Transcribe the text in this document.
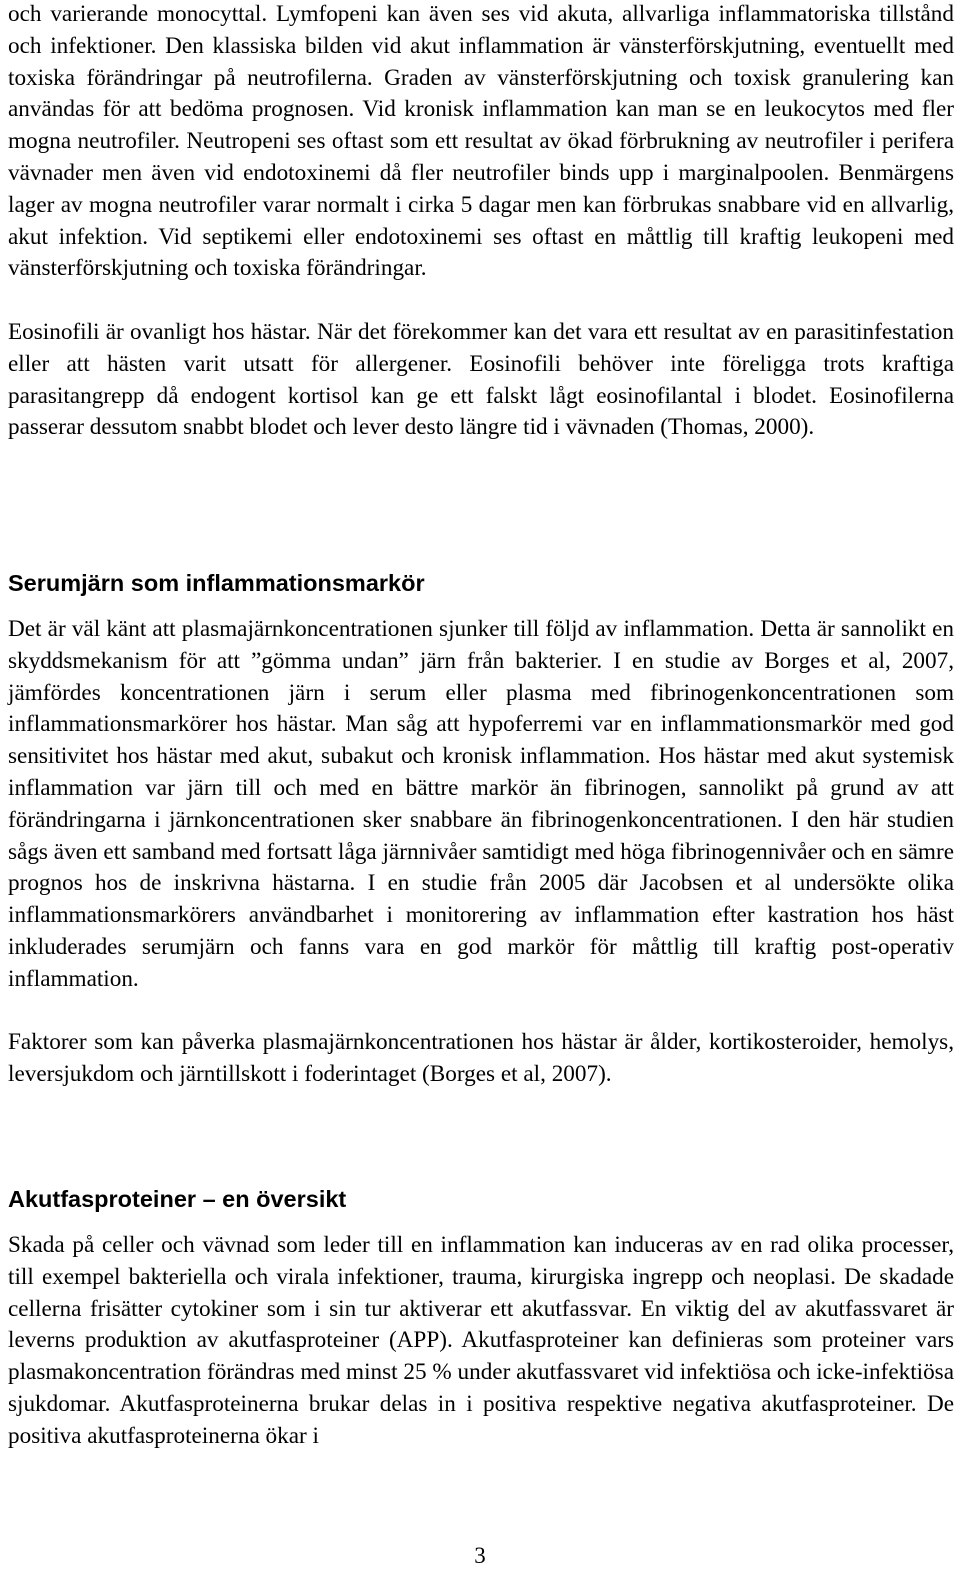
och varierande monocyttal. Lymfopeni kan även ses vid akuta, allvarliga inflammatoriska tillstånd och infektioner. Den klassiska bilden vid akut inflammation är vänsterförskjutning, eventuellt med toxiska förändringar på neutrofilerna. Graden av vänsterförskjutning och toxisk granulering kan användas för att bedöma prognosen. Vid kronisk inflammation kan man se en leukocytos med fler mogna neutrofiler. Neutropeni ses oftast som ett resultat av ökad förbrukning av neutrofiler i perifera vävnader men även vid endotoxinemi då fler neutrofiler binds upp i marginalpoolen. Benmärgens lager av mogna neutrofiler varar normalt i cirka 5 dagar men kan förbrukas snabbare vid en allvarlig, akut infektion. Vid septikemi eller endotoxinemi ses oftast en måttlig till kraftig leukopeni med vänsterförskjutning och toxiska förändringar.

Eosinofili är ovanligt hos hästar. När det förekommer kan det vara ett resultat av en parasitinfestation eller att hästen varit utsatt för allergener. Eosinofili behöver inte föreligga trots kraftiga parasitangrepp då endogent kortisol kan ge ett falskt lågt eosinofilantal i blodet. Eosinofilerna passerar dessutom snabbt blodet och lever desto längre tid i vävnaden (Thomas, 2000).

Serumjärn som inflammationsmarkör

Det är väl känt att plasmajärnkoncentrationen sjunker till följd av inflammation. Detta är sannolikt en skyddsmekanism för att ”gömma undan” järn från bakterier. I en studie av Borges et al, 2007, jämfördes koncentrationen järn i serum eller plasma med fibrinogenkoncentrationen som inflammationsmarkörer hos hästar. Man såg att hypoferremi var en inflammationsmarkör med god sensitivitet hos hästar med akut, subakut och kronisk inflammation. Hos hästar med akut systemisk inflammation var järn till och med en bättre markör än fibrinogen, sannolikt på grund av att förändringarna i järnkoncentrationen sker snabbare än fibrinogenkoncentrationen. I den här studien sågs även ett samband med fortsatt låga järnnivåer samtidigt med höga fibrinogennivåer och en sämre prognos hos de inskrivna hästarna. I en studie från 2005 där Jacobsen et al undersökte olika inflammationsmarkörers användbarhet i monitorering av inflammation efter kastration hos häst inkluderades serumjärn och fanns vara en god markör för måttlig till kraftig post-operativ inflammation.

Faktorer som kan påverka plasmajärnkoncentrationen hos hästar är ålder, kortikosteroider, hemolys, leversjukdom och järntillskott i foderintaget (Borges et al, 2007).

Akutfasproteiner – en översikt

Skada på celler och vävnad som leder till en inflammation kan induceras av en rad olika processer, till exempel bakteriella och virala infektioner, trauma, kirurgiska ingrepp och neoplasi. De skadade cellerna frisätter cytokiner som i sin tur aktiverar ett akutfassvar. En viktig del av akutfassvaret är leverns produktion av akutfasproteiner (APP). Akutfasproteiner kan definieras som proteiner vars plasmakoncentration förändras med minst 25 % under akutfassvaret vid infektiösa och icke-infektiösa sjukdomar. Akutfasproteinerna brukar delas in i positiva respektive negativa akutfasproteiner. De positiva akutfasproteinerna ökar i

3
